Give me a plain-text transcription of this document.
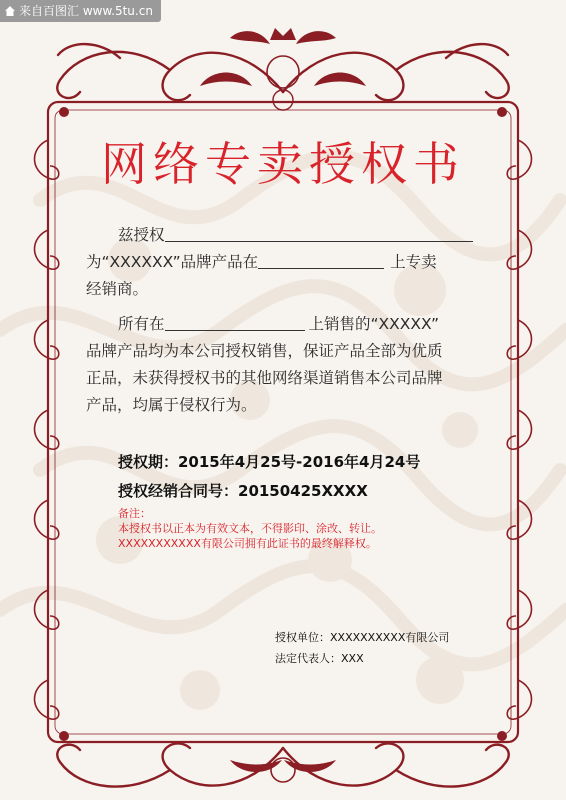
来自百图汇 www.5tu.cn
网络专卖授权书
兹授权
为“XXXXXX”品牌产品在	上专卖
经销商。
所有在	上销售的“XXXXX”
品牌产品均为本公司授权销售，保证产品全部为优质
正品，未获得授权书的其他网络渠道销售本公司品牌
产品，均属于侵权行为。
授权期：2015年4月25号-2016年4月24号
授权经销合同号：20150425XXXX
备注：
本授权书以正本为有效文本，不得影印、涂改、转让。
XXXXXXXXXXX有限公司拥有此证书的最终解释权。
授权单位：XXXXXXXXXX有限公司
法定代表人：XXX
